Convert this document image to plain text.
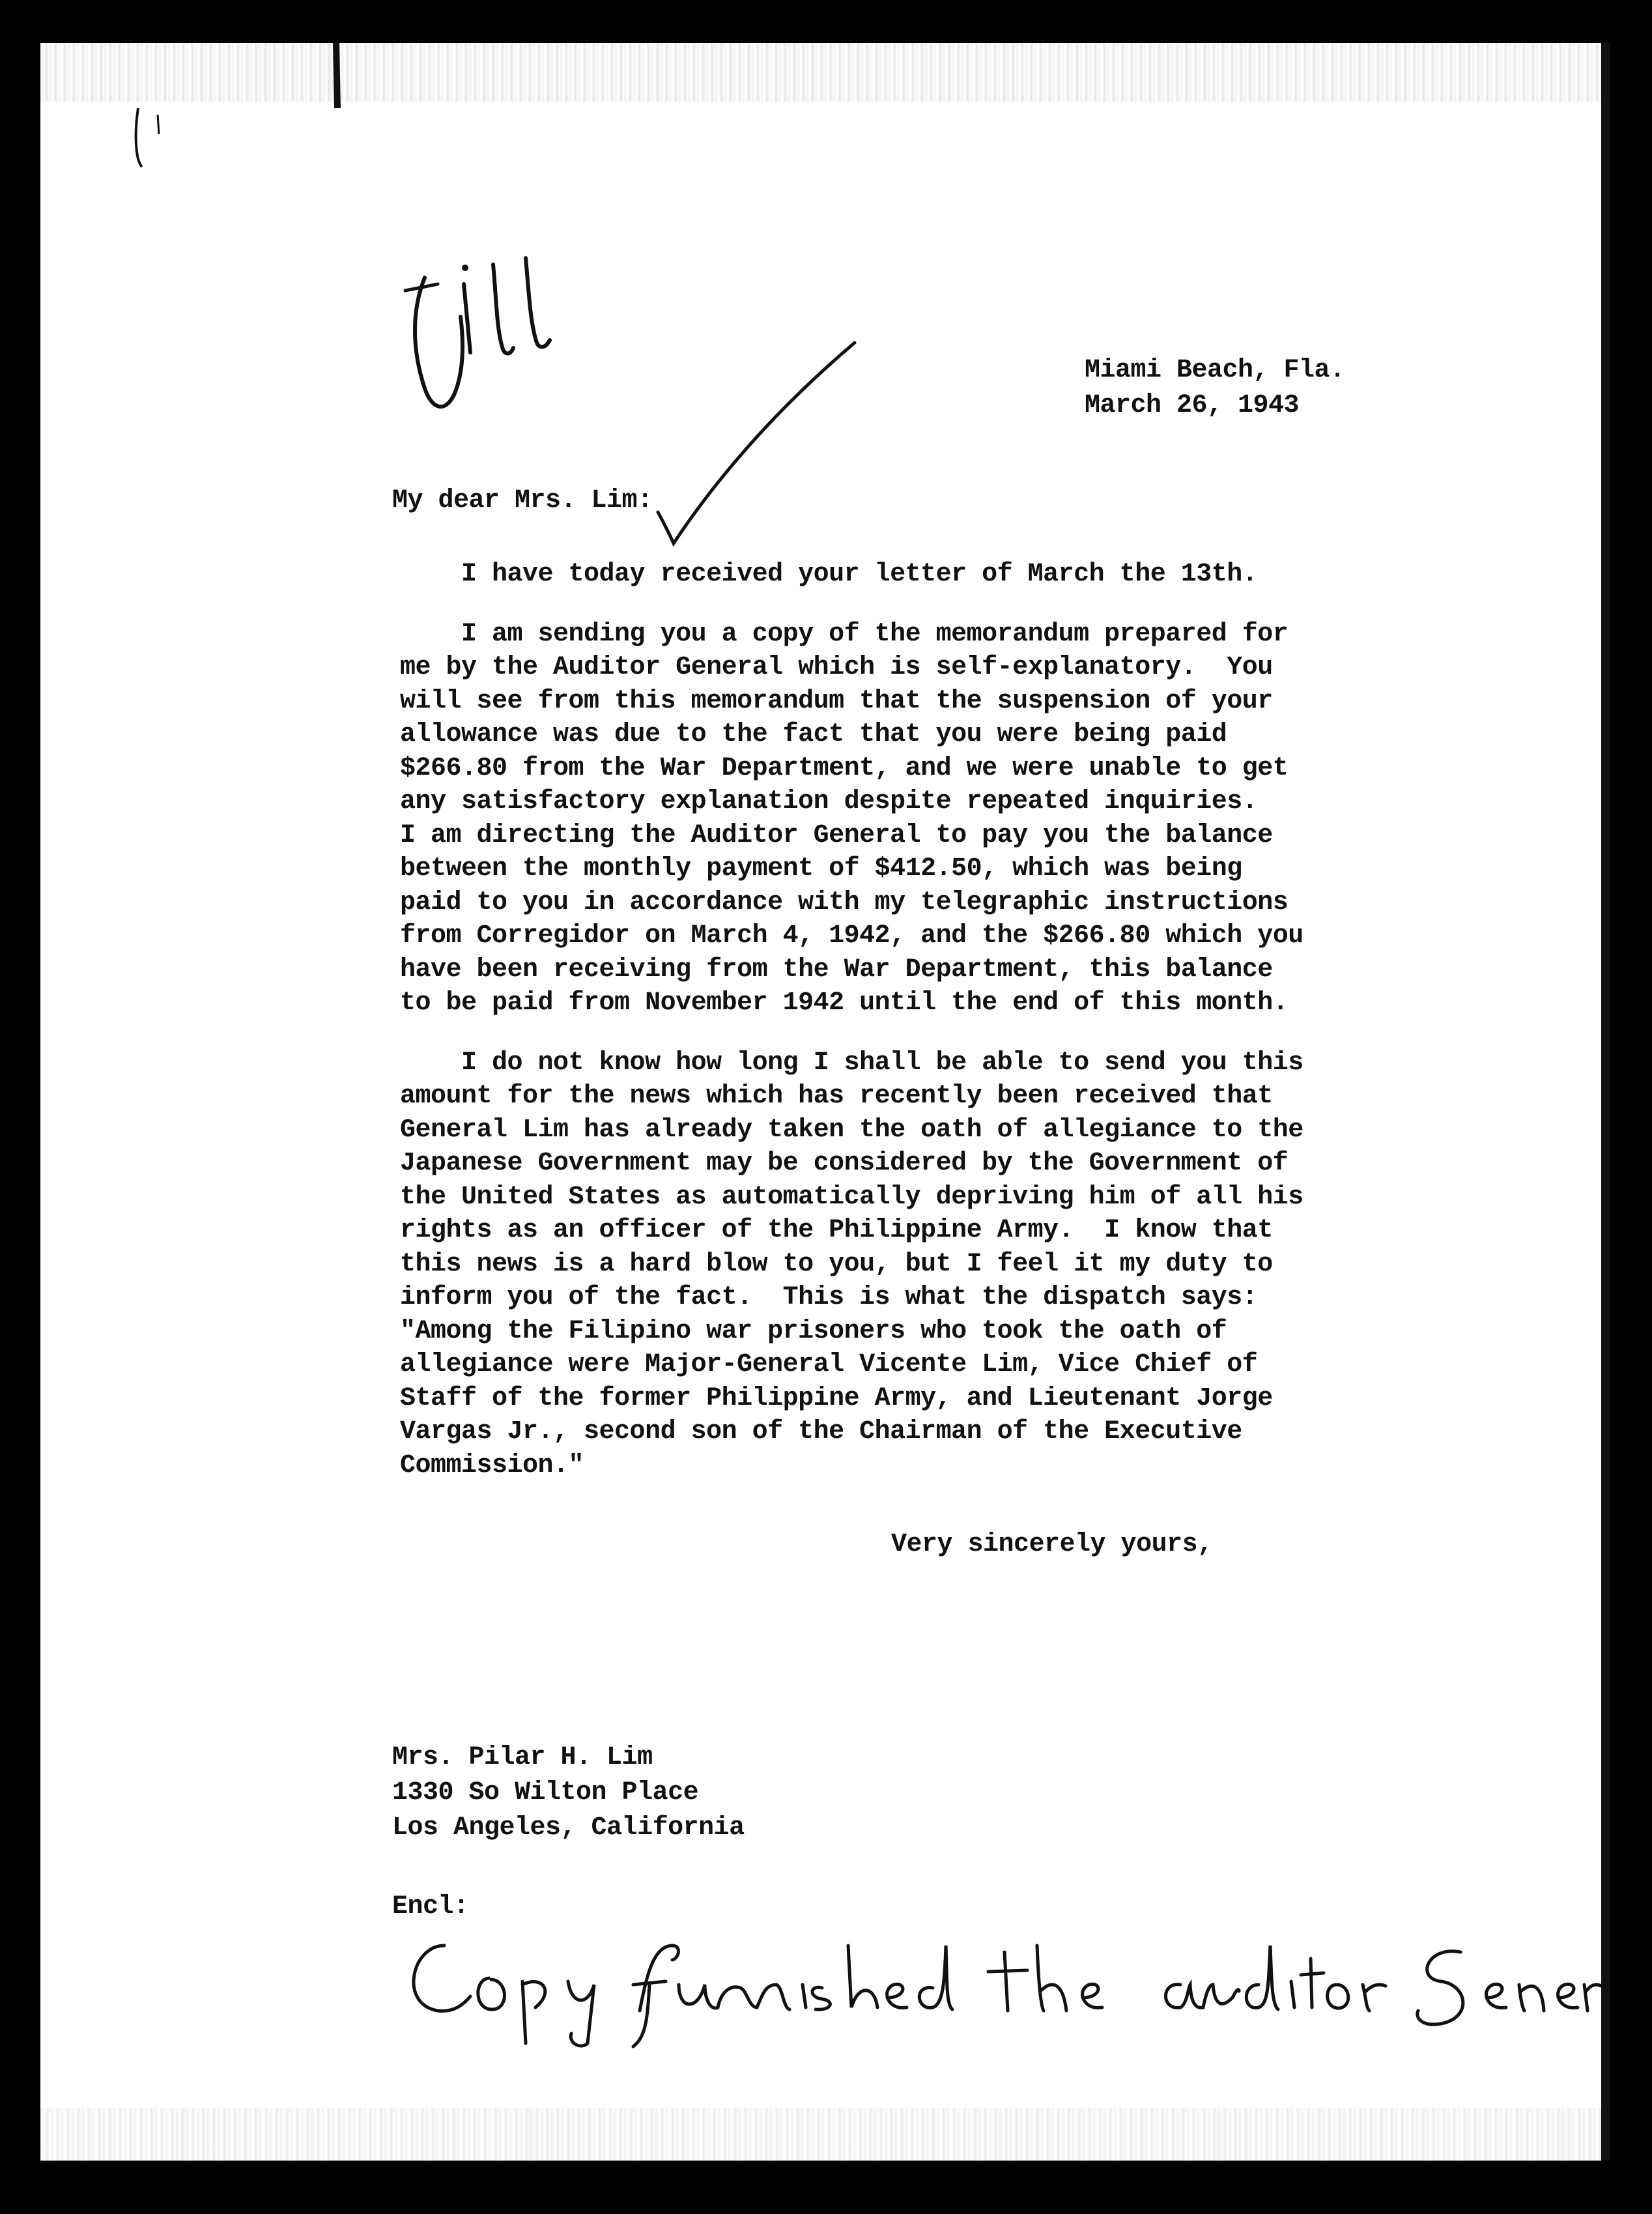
Miami Beach, Fla.
March 26, 1943
My dear Mrs. Lim:

I have today received your letter of March the 13th.

I am sending you a copy of the memorandum prepared for
me by the Auditor General which is self-explanatory.  You
will see from this memorandum that the suspension of your
allowance was due to the fact that you were being paid
$266.80 from the War Department, and we were unable to get
any satisfactory explanation despite repeated inquiries.
I am directing the Auditor General to pay you the balance
between the monthly payment of $412.50, which was being
paid to you in accordance with my telegraphic instructions
from Corregidor on March 4, 1942, and the $266.80 which you
have been receiving from the War Department, this balance
to be paid from November 1942 until the end of this month.

I do not know how long I shall be able to send you this
amount for the news which has recently been received that
General Lim has already taken the oath of allegiance to the
Japanese Government may be considered by the Government of
the United States as automatically depriving him of all his
rights as an officer of the Philippine Army.  I know that
this news is a hard blow to you, but I feel it my duty to
inform you of the fact.  This is what the dispatch says:
"Among the Filipino war prisoners who took the oath of
allegiance were Major-General Vicente Lim, Vice Chief of
Staff of the former Philippine Army, and Lieutenant Jorge
Vargas Jr., second son of the Chairman of the Executive
Commission."

Very sincerely yours,
Mrs. Pilar H. Lim
1330 So Wilton Place
Los Angeles, California
Encl:
